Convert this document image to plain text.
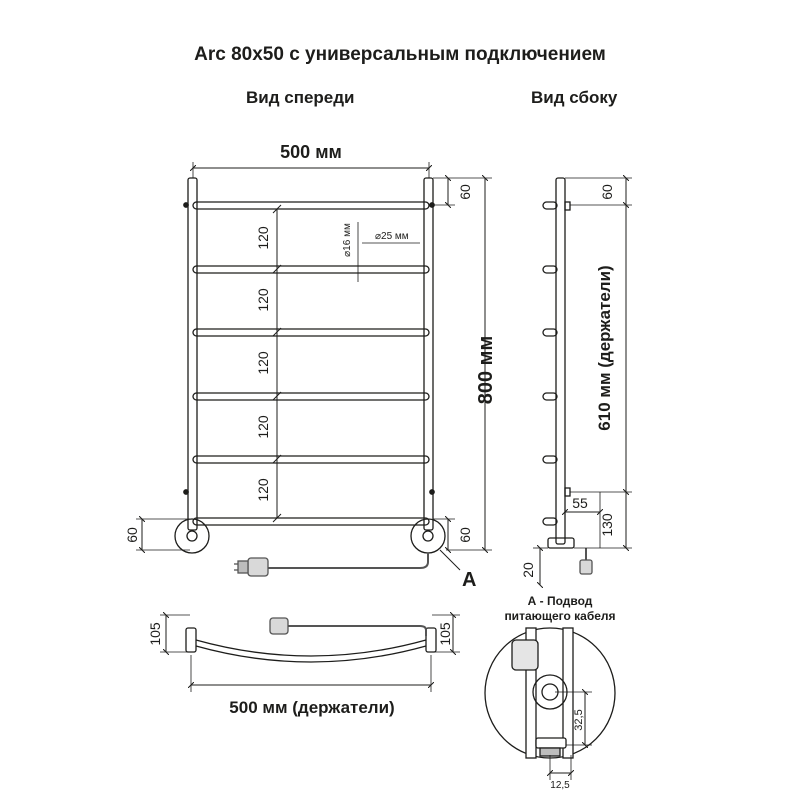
Arc 80x50 с универсальным подключением
Вид спереди	Вид сбоку
500 мм
800 мм
60
60	60
120
120
120
120
120
⌀16 мм ⌀25 мм
А
60
610 мм (держатели)
55
130
20
105	105
500 мм (держатели)
А - Подвод
питающего кабеля
32,5
12,5
